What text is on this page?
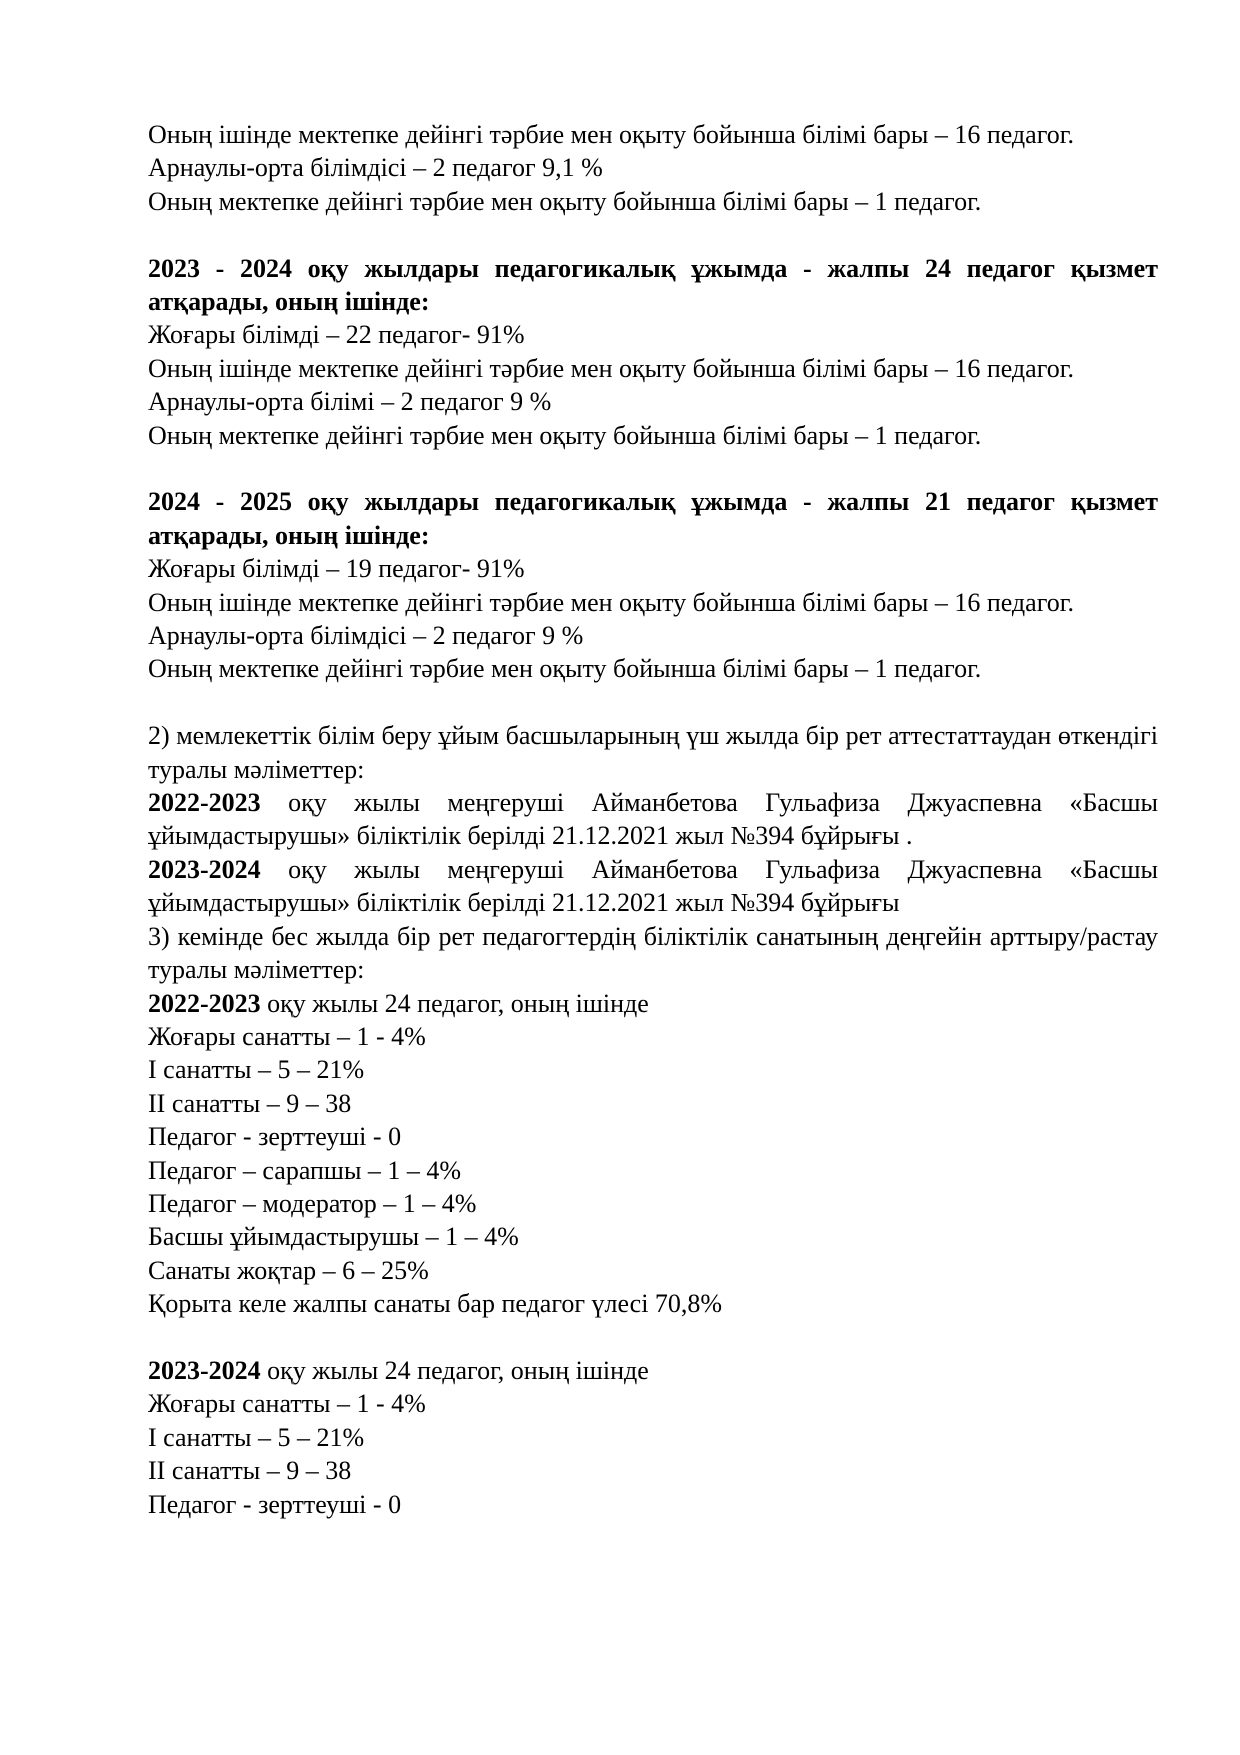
Оның ішінде мектепке дейінгі тәрбие мен оқыту бойынша білімі бары – 16 педагог.

Арнаулы-орта білімдісі – 2 педагог 9,1 %

Оның мектепке дейінгі тәрбие мен оқыту бойынша білімі бары – 1 педагог.

2023 - 2024 оқу жылдары педагогикалық ұжымда - жалпы 24 педагог қызмет атқарады, оның ішінде:

Жоғары білімді – 22 педагог- 91%

Оның ішінде мектепке дейінгі тәрбие мен оқыту бойынша білімі бары – 16 педагог.

Арнаулы-орта білімі – 2 педагог 9 %

Оның мектепке дейінгі тәрбие мен оқыту бойынша білімі бары – 1 педагог.

2024 - 2025 оқу жылдары педагогикалық ұжымда - жалпы 21 педагог қызмет атқарады, оның ішінде:

Жоғары білімді – 19 педагог- 91%

Оның ішінде мектепке дейінгі тәрбие мен оқыту бойынша білімі бары – 16 педагог.

Арнаулы-орта білімдісі – 2 педагог 9 %

Оның мектепке дейінгі тәрбие мен оқыту бойынша білімі бары – 1 педагог.

2) мемлекеттік білім беру ұйым басшыларының үш жылда бір рет аттестаттаудан өткендігі туралы мәліметтер:

2022-2023 оқу жылы меңгеруші Айманбетова Гульафиза Джуаспевна «Басшы ұйымдастырушы» біліктілік берілді 21.12.2021 жыл №394 бұйрығы .

2023-2024 оқу жылы меңгеруші Айманбетова Гульафиза Джуаспевна «Басшы ұйымдастырушы» біліктілік берілді 21.12.2021 жыл №394 бұйрығы

3) кемінде бес жылда бір рет педагогтердің біліктілік санатының деңгейін арттыру/растау туралы мәліметтер:

2022-2023 оқу жылы 24 педагог, оның ішінде

Жоғары санатты – 1 - 4%

І санатты – 5 – 21%

ІІ санатты – 9 – 38

Педагог - зерттеуші - 0

Педагог – сарапшы – 1 – 4%

Педагог – модератор – 1 – 4%

Басшы ұйымдастырушы – 1 – 4%

Санаты жоқтар – 6 – 25%

Қорыта келе жалпы санаты бар педагог үлесі 70,8%

2023-2024 оқу жылы 24 педагог, оның ішінде

Жоғары санатты – 1 - 4%

І санатты – 5 – 21%

ІІ санатты – 9 – 38

Педагог - зерттеуші - 0
